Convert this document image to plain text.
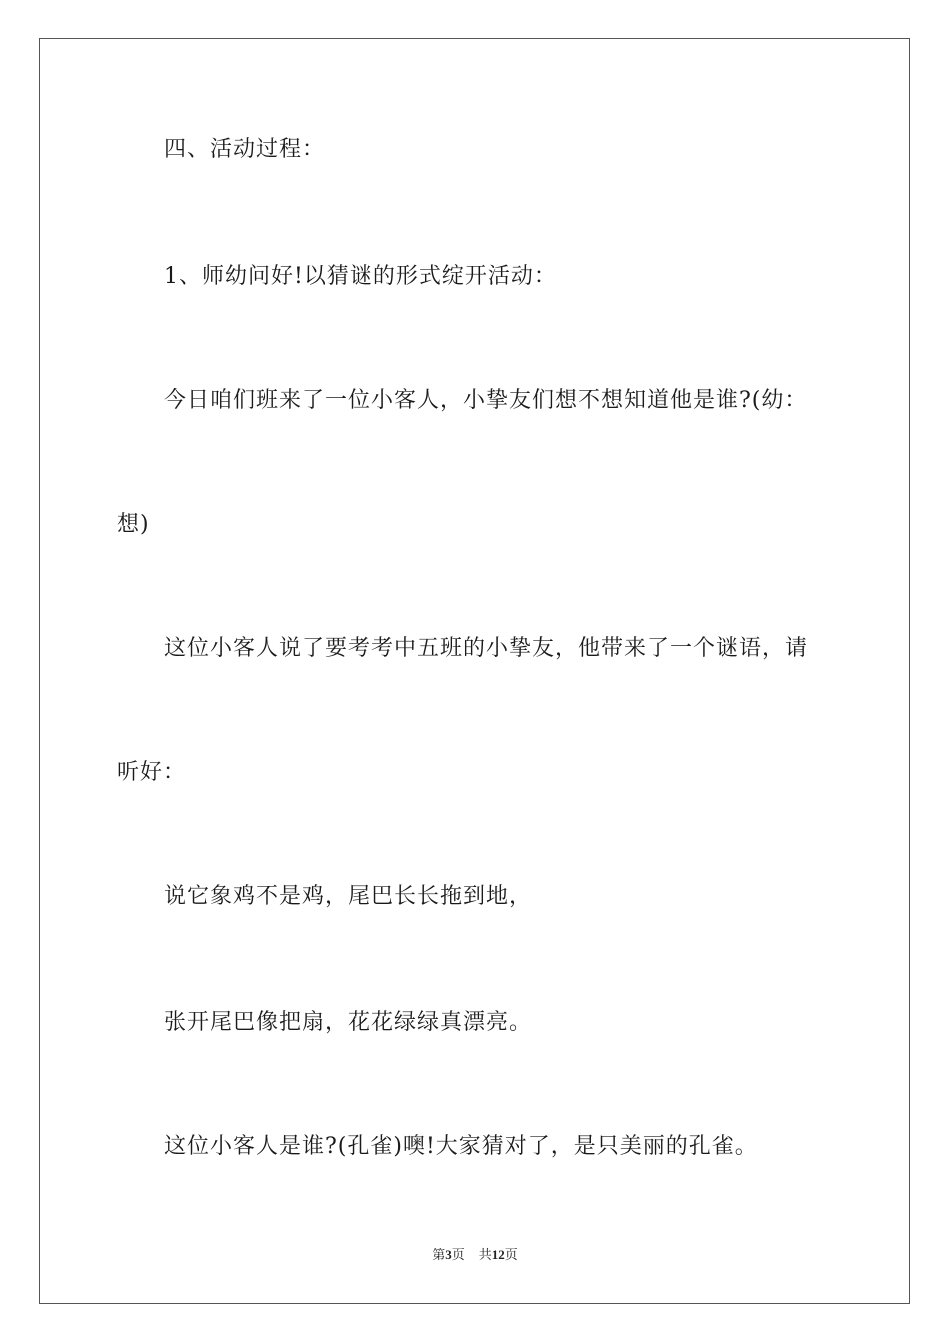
四、活动过程：
1、师幼问好!以猜谜的形式绽开活动：
今日咱们班来了一位小客人，小挚友们想不想知道他是谁?(幼：
想)
这位小客人说了要考考中五班的小挚友，他带来了一个谜语，请
听好：
说它象鸡不是鸡，尾巴长长拖到地，
张开尾巴像把扇，花花绿绿真漂亮。
这位小客人是谁?(孔雀)噢!大家猜对了，是只美丽的孔雀。
第3页 共12页
